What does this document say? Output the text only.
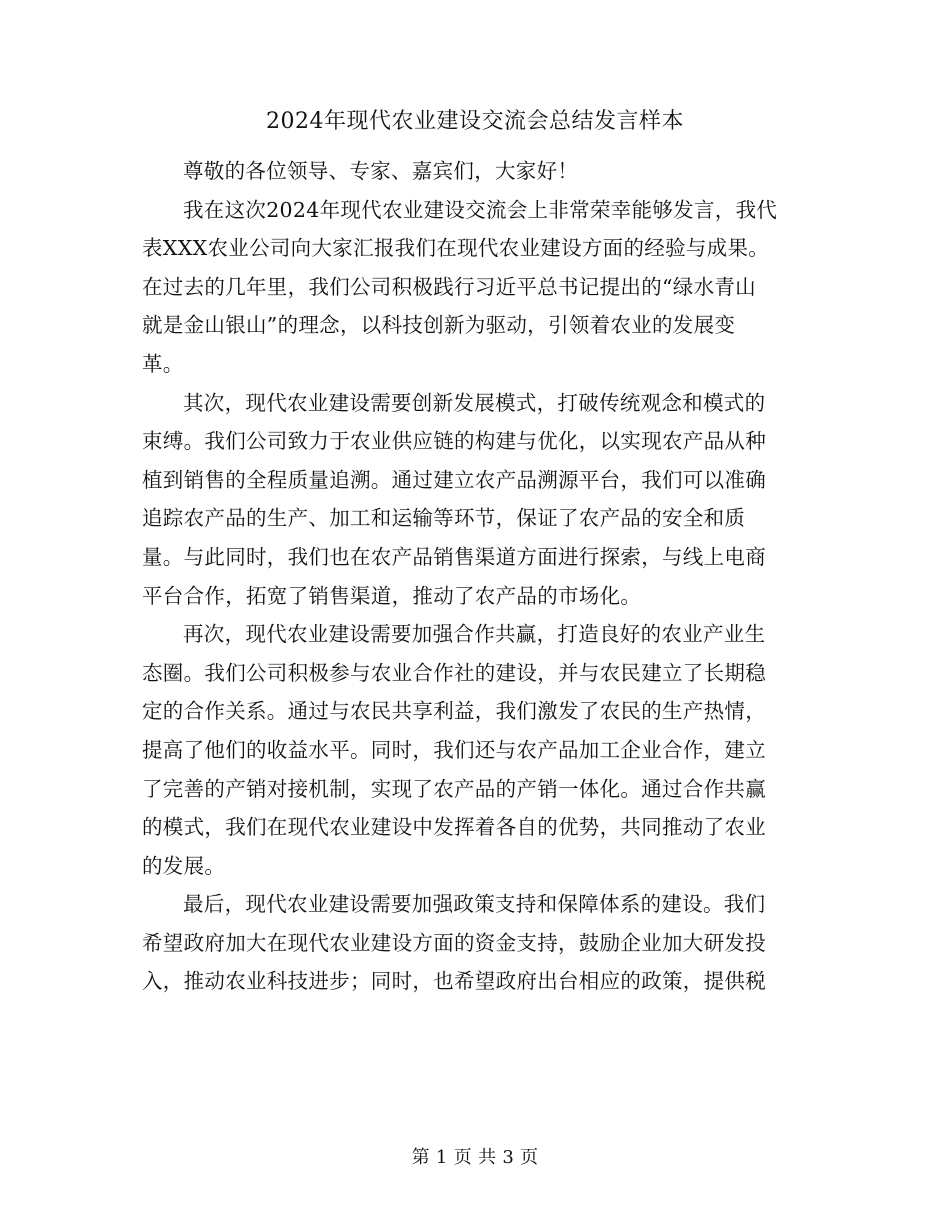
2024年现代农业建设交流会总结发言样本
尊敬的各位领导、专家、嘉宾们，大家好！
我在这次2024年现代农业建设交流会上非常荣幸能够发言，我代
表XXX农业公司向大家汇报我们在现代农业建设方面的经验与成果。
在过去的几年里，我们公司积极践行习近平总书记提出的“绿水青山
就是金山银山”的理念，以科技创新为驱动，引领着农业的发展变
革。
其次，现代农业建设需要创新发展模式，打破传统观念和模式的
束缚。我们公司致力于农业供应链的构建与优化，以实现农产品从种
植到销售的全程质量追溯。通过建立农产品溯源平台，我们可以准确
追踪农产品的生产、加工和运输等环节，保证了农产品的安全和质
量。与此同时，我们也在农产品销售渠道方面进行探索，与线上电商
平台合作，拓宽了销售渠道，推动了农产品的市场化。
再次，现代农业建设需要加强合作共赢，打造良好的农业产业生
态圈。我们公司积极参与农业合作社的建设，并与农民建立了长期稳
定的合作关系。通过与农民共享利益，我们激发了农民的生产热情，
提高了他们的收益水平。同时，我们还与农产品加工企业合作，建立
了完善的产销对接机制，实现了农产品的产销一体化。通过合作共赢
的模式，我们在现代农业建设中发挥着各自的优势，共同推动了农业
的发展。
最后，现代农业建设需要加强政策支持和保障体系的建设。我们
希望政府加大在现代农业建设方面的资金支持，鼓励企业加大研发投
入，推动农业科技进步；同时，也希望政府出台相应的政策，提供税
第 1 页 共 3 页
